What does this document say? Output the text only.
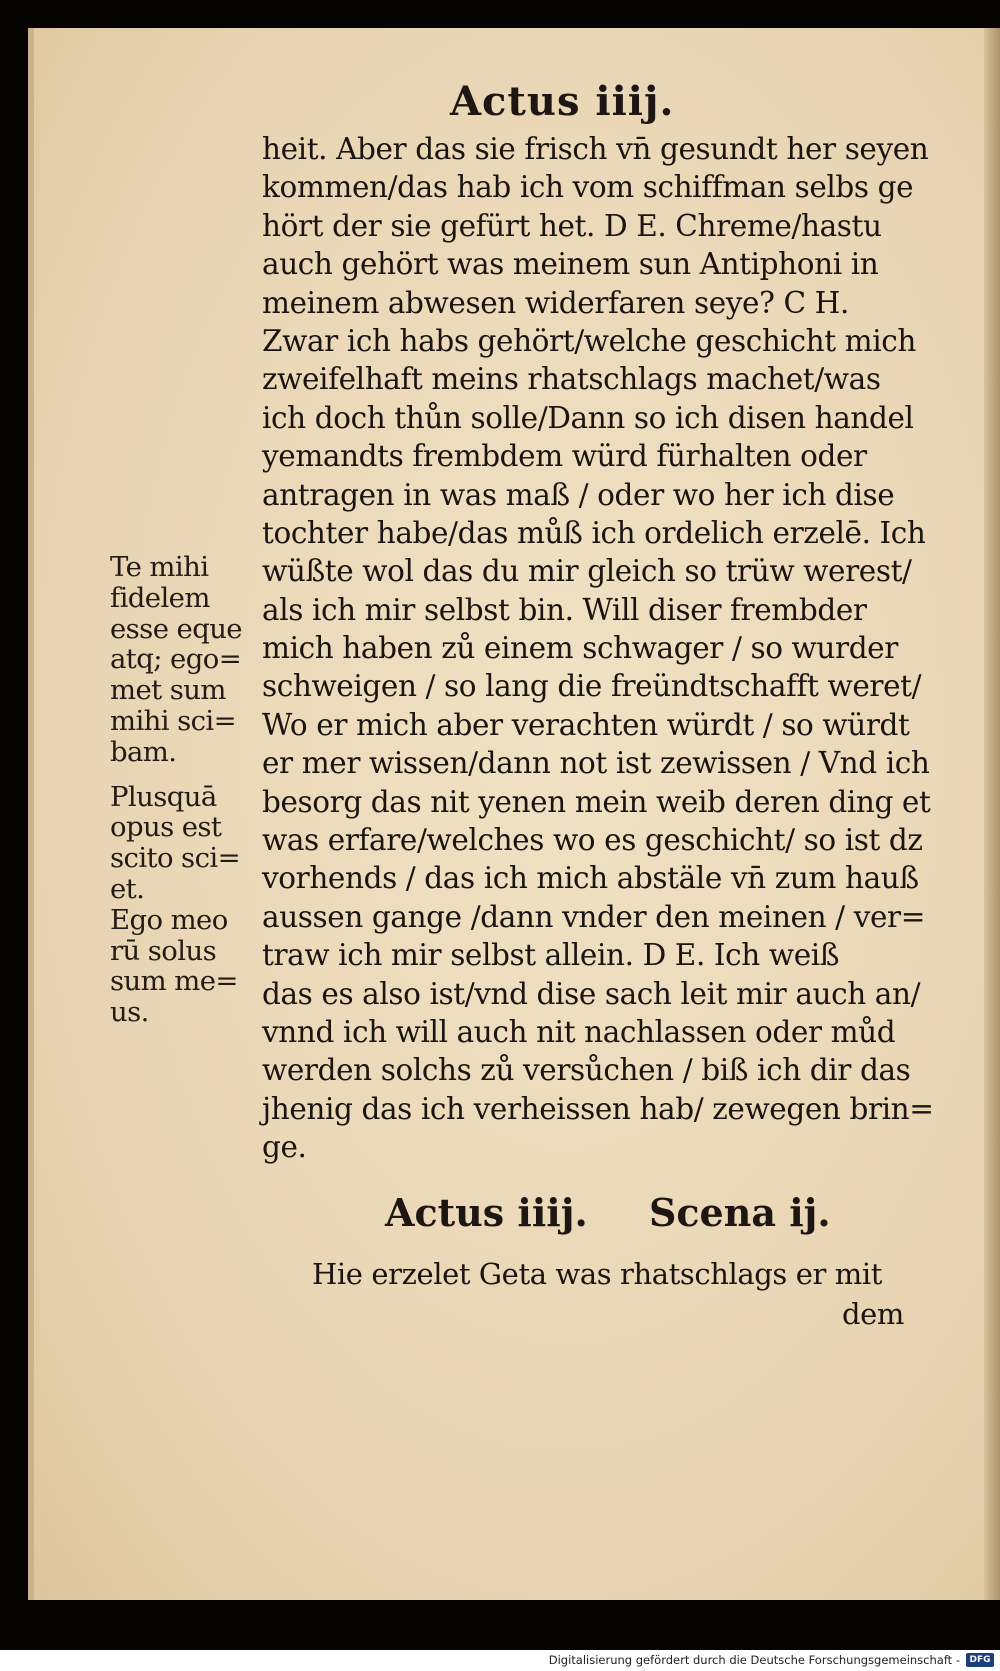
Actus iiij.
heit. Aber das sie frisch vn̄ gesundt her seyen
kommen/das hab ich vom schiffman selbs ge
hört der sie gefürt het. D E. Chreme/hastu
auch gehört was meinem sun Antiphoni in
meinem abwesen widerfaren seye? C H.
Zwar ich habs gehört/welche geschicht mich
zweifelhaft meins rhatschlags machet/was
ich doch thůn solle/Dann so ich disen handel
yemandts frembdem würd fürhalten oder
antragen in was maß / oder wo her ich dise
tochter habe/das můß ich ordelich erzelē. Ich
wüßte wol das du mir gleich so trüw werest/
als ich mir selbst bin. Will diser frembder
mich haben zů einem schwager / so wurder
schweigen / so lang die freündtschafft weret/
Wo er mich aber verachten würdt / so würdt
er mer wissen/dann not ist zewissen / Vnd ich
besorg das nit yenen mein weib deren ding et
was erfare/welches wo es geschicht/ so ist dz
vorhends / das ich mich abstäle vn̄ zum hauß
aussen gange /dann vnder den meinen / ver=
traw ich mir selbst allein. D E. Ich weiß
das es also ist/vnd dise sach leit mir auch an/
vnnd ich will auch nit nachlassen oder můd
werden solchs zů versůchen / biß ich dir das
jhenig das ich verheissen hab/ zewegen brin=
ge.
Te mihi
fidelem
esse eque
atq; ego=
met sum
mihi sci=
bam.
Plusquā
opus est
scito sci=
et.
Ego meo
rū solus
sum me=
us.
Actus iiij. Scena ij.
Hie erzelet Geta was rhatschlags er mit
dem
Digitalisierung gefördert durch die Deutsche Forschungsgemeinschaft -	DFG
